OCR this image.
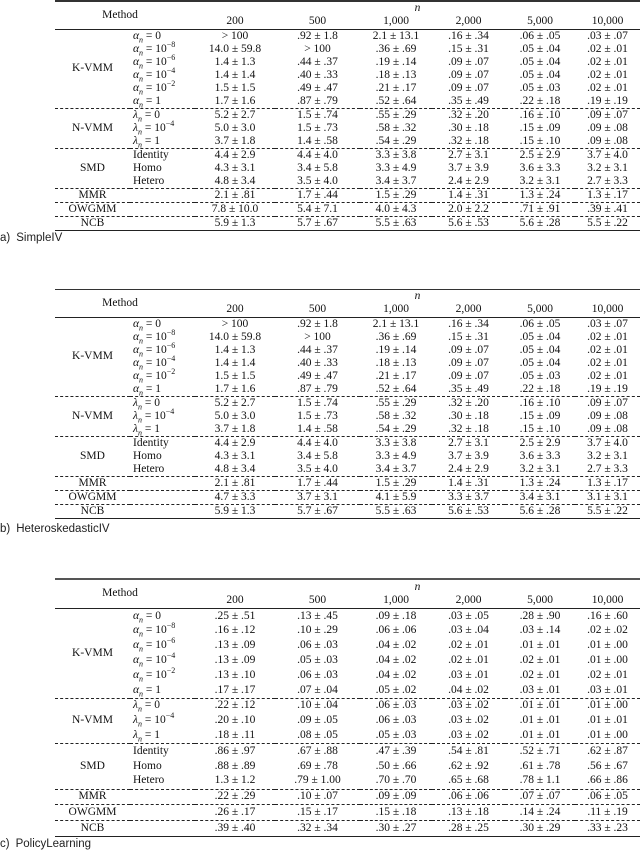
Method		n					
		200	500	1,000	2,000	5,000	10,000
K-VMM	$\alpha_n = 0$	> 100	.92 ± 1.8	2.1 ± 13.1	.16 ± .34	.06 ± .05	.03 ± .07
	$\alpha_n = 10^{-8}$	14.0 ± 59.8	> 100	.36 ± .69	.15 ± .31	.05 ± .04	.02 ± .01
	$\alpha_n = 10^{-6}$	1.4 ± 1.3	.44 ± .37	.19 ± .14	.09 ± .07	.05 ± .04	.02 ± .01
	$\alpha_n = 10^{-4}$	1.4 ± 1.4	.40 ± .33	.18 ± .13	.09 ± .07	.05 ± .04	.02 ± .01
	$\alpha_n = 10^{-2}$	1.5 ± 1.5	.49 ± .47	.21 ± .17	.09 ± .07	.05 ± .03	.02 ± .01
	$\alpha_n = 1$	1.7 ± 1.6	.87 ± .79	.52 ± .64	.35 ± .49	.22 ± .18	.19 ± .19
N-VMM	$\lambda_n = 0$	5.2 ± 2.7	1.5 ± .74	.55 ± .29	.32 ± .20	.16 ± .10	.09 ± .07
	$\lambda_n = 10^{-4}$	5.0 ± 3.0	1.5 ± .73	.58 ± .32	.30 ± .18	.15 ± .09	.09 ± .08
	$\lambda_n = 1$	3.7 ± 1.8	1.4 ± .58	.54 ± .29	.32 ± .18	.15 ± .10	.09 ± .08
SMD	Identity	4.4 ± 2.9	4.4 ± 4.0	3.3 ± 3.8	2.7 ± 3.1	2.5 ± 2.9	3.7 ± 4.0
	Homo	4.3 ± 3.1	3.4 ± 5.8	3.3 ± 4.9	3.7 ± 3.9	3.6 ± 3.3	3.2 ± 3.1
	Hetero	4.8 ± 3.4	3.5 ± 4.0	3.4 ± 3.7	2.4 ± 2.9	3.2 ± 3.1	2.7 ± 3.3
MMR		2.1 ± .81	1.7 ± .44	1.5 ± .29	1.4 ± .31	1.3 ± .24	1.3 ± .17
OWGMM		7.8 ± 10.0	5.4 ± 7.1	4.0 ± 4.3	2.0 ± 2.2	.71 ± .91	.39 ± .41
NCB		5.9 ± 1.3	5.7 ± .67	5.5 ± .63	5.6 ± .53	5.6 ± .28	5.5 ± .22
a) SimpleIV
Method		n					
		200	500	1,000	2,000	5,000	10,000
K-VMM	$\alpha_n = 0$	> 100	.92 ± 1.8	2.1 ± 13.1	.16 ± .34	.06 ± .05	.03 ± .07
	$\alpha_n = 10^{-8}$	14.0 ± 59.8	> 100	.36 ± .69	.15 ± .31	.05 ± .04	.02 ± .01
	$\alpha_n = 10^{-6}$	1.4 ± 1.3	.44 ± .37	.19 ± .14	.09 ± .07	.05 ± .04	.02 ± .01
	$\alpha_n = 10^{-4}$	1.4 ± 1.4	.40 ± .33	.18 ± .13	.09 ± .07	.05 ± .04	.02 ± .01
	$\alpha_n = 10^{-2}$	1.5 ± 1.5	.49 ± .47	.21 ± .17	.09 ± .07	.05 ± .03	.02 ± .01
	$\alpha_n = 1$	1.7 ± 1.6	.87 ± .79	.52 ± .64	.35 ± .49	.22 ± .18	.19 ± .19
N-VMM	$\lambda_n = 0$	5.2 ± 2.7	1.5 ± .74	.55 ± .29	.32 ± .20	.16 ± .10	.09 ± .07
	$\lambda_n = 10^{-4}$	5.0 ± 3.0	1.5 ± .73	.58 ± .32	.30 ± .18	.15 ± .09	.09 ± .08
	$\lambda_n = 1$	3.7 ± 1.8	1.4 ± .58	.54 ± .29	.32 ± .18	.15 ± .10	.09 ± .08
SMD	Identity	4.4 ± 2.9	4.4 ± 4.0	3.3 ± 3.8	2.7 ± 3.1	2.5 ± 2.9	3.7 ± 4.0
	Homo	4.3 ± 3.1	3.4 ± 5.8	3.3 ± 4.9	3.7 ± 3.9	3.6 ± 3.3	3.2 ± 3.1
	Hetero	4.8 ± 3.4	3.5 ± 4.0	3.4 ± 3.7	2.4 ± 2.9	3.2 ± 3.1	2.7 ± 3.3
MMR		2.1 ± .81	1.7 ± .44	1.5 ± .29	1.4 ± .31	1.3 ± .24	1.3 ± .17
OWGMM		4.7 ± 3.3	3.7 ± 3.1	4.1 ± 5.9	3.3 ± 3.7	3.4 ± 3.1	3.1 ± 3.1
NCB		5.9 ± 1.3	5.7 ± .67	5.5 ± .63	5.6 ± .53	5.6 ± .28	5.5 ± .22
b) HeteroskedasticIV
Method		n					
		200	500	1,000	2,000	5,000	10,000
K-VMM	$\alpha_n = 0$	.25 ± .51	.13 ± .45	.09 ± .18	.03 ± .05	.28 ± .90	.16 ± .60
	$\alpha_n = 10^{-8}$	.16 ± .12	.10 ± .29	.06 ± .06	.03 ± .04	.03 ± .14	.02 ± .02
	$\alpha_n = 10^{-6}$	.13 ± .09	.06 ± .03	.04 ± .02	.02 ± .01	.01 ± .01	.01 ± .00
	$\alpha_n = 10^{-4}$	.13 ± .09	.05 ± .03	.04 ± .02	.02 ± .01	.02 ± .01	.01 ± .00
	$\alpha_n = 10^{-2}$	.13 ± .10	.06 ± .03	.04 ± .02	.03 ± .01	.02 ± .01	.02 ± .01
	$\alpha_n = 1$	.17 ± .17	.07 ± .04	.05 ± .02	.04 ± .02	.03 ± .01	.03 ± .01
N-VMM	$\lambda_n = 0$	.22 ± .12	.10 ± .04	.06 ± .03	.03 ± .02	.01 ± .01	.01 ± .00
	$\lambda_n = 10^{-4}$	.20 ± .10	.09 ± .05	.06 ± .03	.03 ± .02	.01 ± .01	.01 ± .01
	$\lambda_n = 1$	.18 ± .11	.08 ± .05	.05 ± .03	.03 ± .02	.01 ± .01	.01 ± .00
SMD	Identity	.86 ± .97	.67 ± .88	.47 ± .39	.54 ± .81	.52 ± .71	.62 ± .87
	Homo	.88 ± .89	.69 ± .78	.50 ± .66	.62 ± .92	.61 ± .78	.56 ± .67
	Hetero	1.3 ± 1.2	.79 ± 1.00	.70 ± .70	.65 ± .68	.78 ± 1.1	.66 ± .86
MMR		.22 ± .29	.10 ± .07	.09 ± .09	.06 ± .06	.07 ± .07	.06 ± .05
OWGMM		.26 ± .17	.15 ± .17	.15 ± .18	.13 ± .18	.14 ± .24	.11 ± .19
NCB		.39 ± .40	.32 ± .34	.30 ± .27	.28 ± .25	.30 ± .29	.33 ± .23
c) PolicyLearning
